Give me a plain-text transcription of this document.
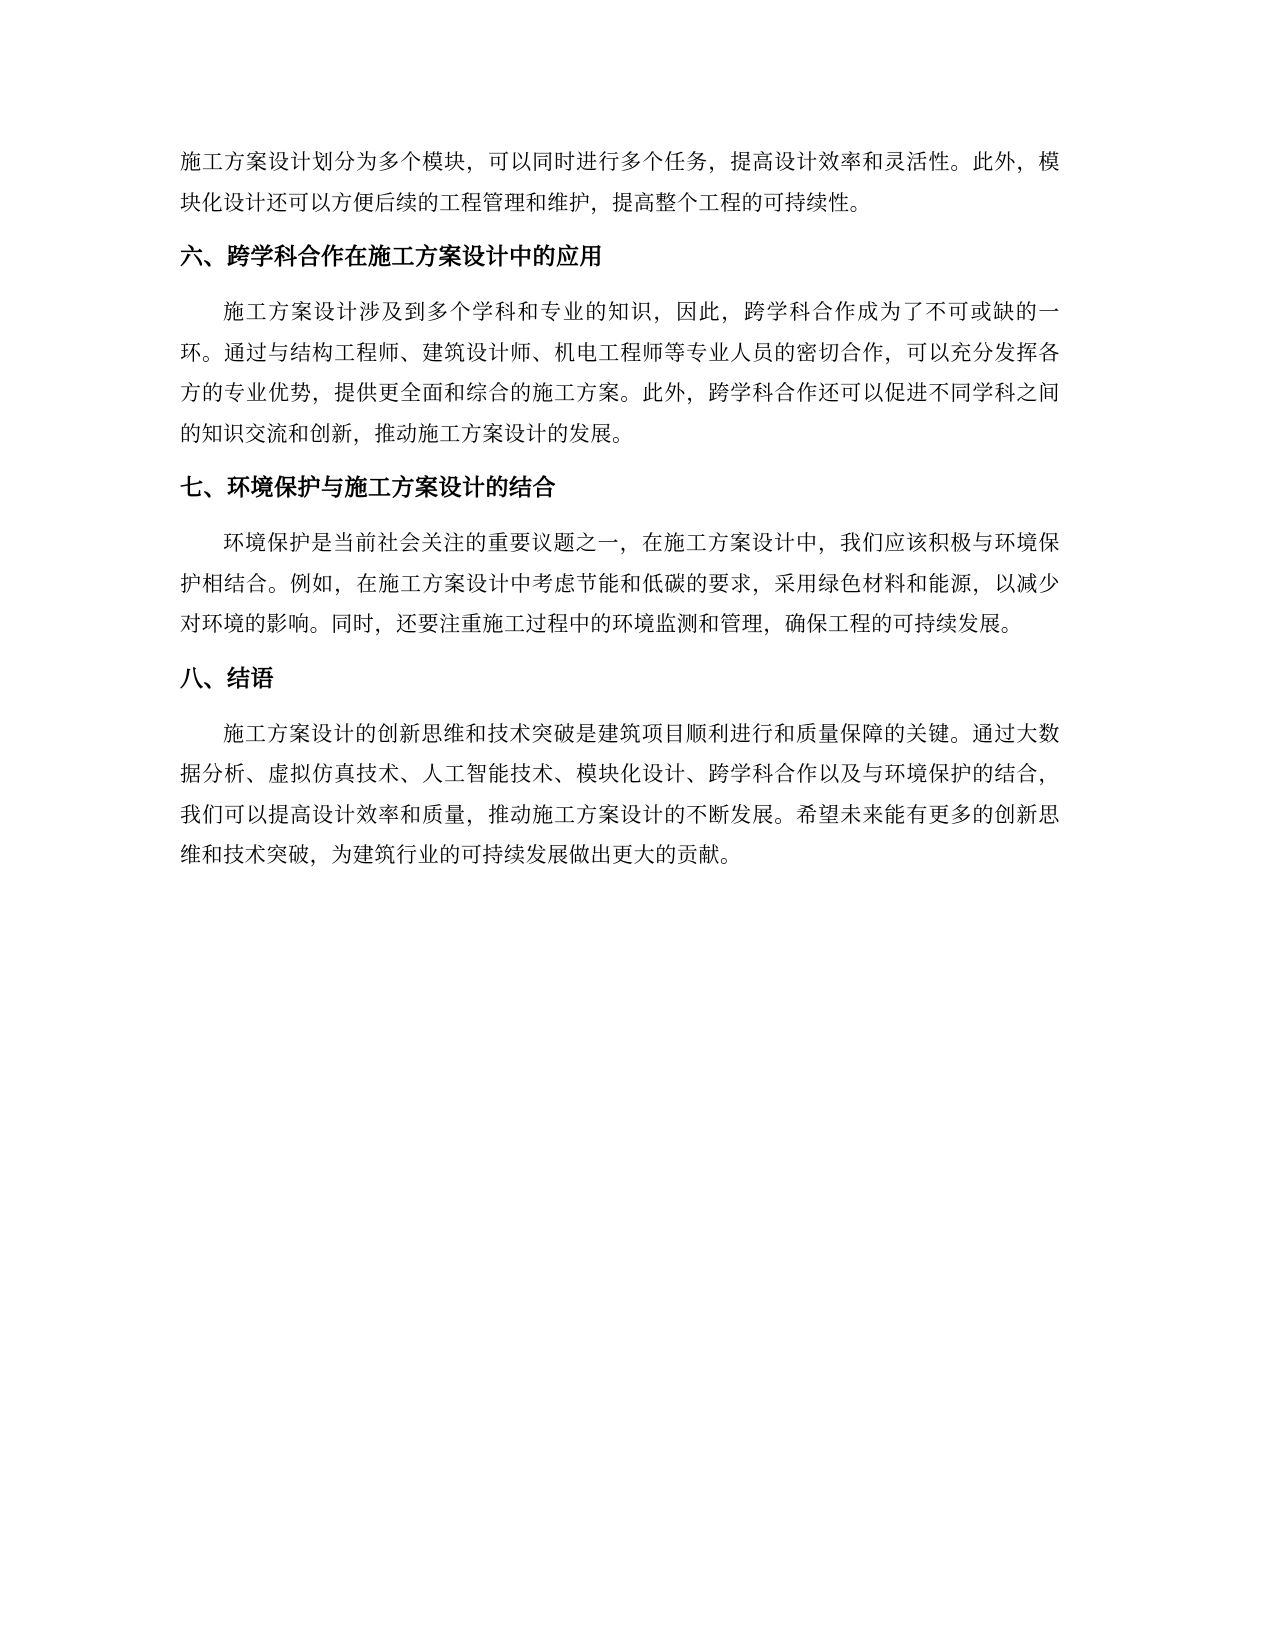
施工方案设计划分为多个模块，可以同时进行多个任务，提高设计效率和灵活性。此外，模块化设计还可以方便后续的工程管理和维护，提高整个工程的可持续性。

六、跨学科合作在施工方案设计中的应用

施工方案设计涉及到多个学科和专业的知识，因此，跨学科合作成为了不可或缺的一环。通过与结构工程师、建筑设计师、机电工程师等专业人员的密切合作，可以充分发挥各方的专业优势，提供更全面和综合的施工方案。此外，跨学科合作还可以促进不同学科之间的知识交流和创新，推动施工方案设计的发展。

七、环境保护与施工方案设计的结合

环境保护是当前社会关注的重要议题之一，在施工方案设计中，我们应该积极与环境保护相结合。例如，在施工方案设计中考虑节能和低碳的要求，采用绿色材料和能源，以减少对环境的影响。同时，还要注重施工过程中的环境监测和管理，确保工程的可持续发展。

八、结语

施工方案设计的创新思维和技术突破是建筑项目顺利进行和质量保障的关键。通过大数据分析、虚拟仿真技术、人工智能技术、模块化设计、跨学科合作以及与环境保护的结合，我们可以提高设计效率和质量，推动施工方案设计的不断发展。希望未来能有更多的创新思维和技术突破，为建筑行业的可持续发展做出更大的贡献。
